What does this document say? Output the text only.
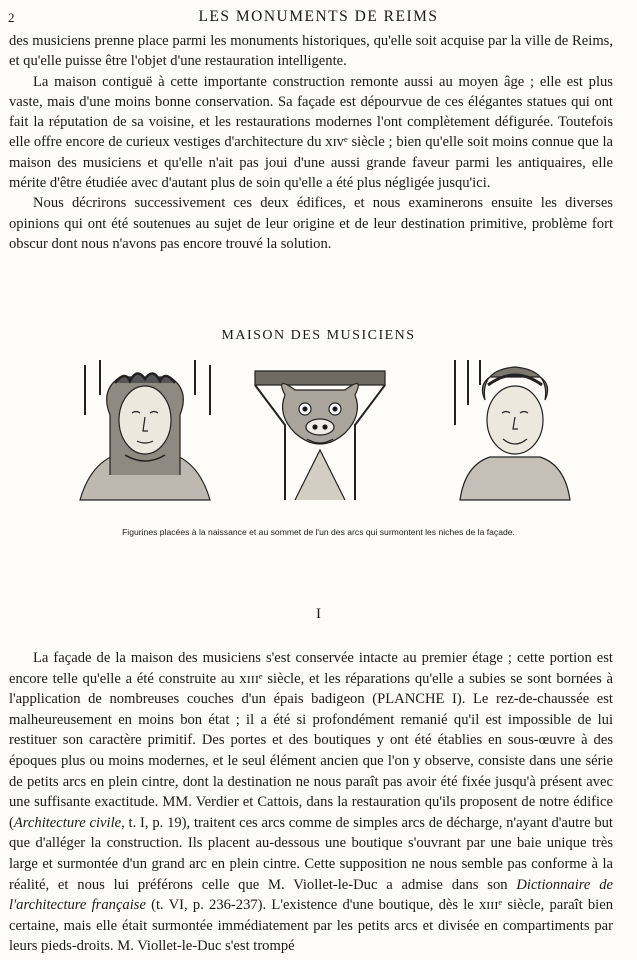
2	LES MONUMENTS DE REIMS

des musiciens prenne place parmi les monuments historiques, qu'elle soit acquise par la ville de Reims, et qu'elle puisse être l'objet d'une restauration intelligente.

La maison contiguë à cette importante construction remonte aussi au moyen âge ; elle est plus vaste, mais d'une moins bonne conservation. Sa façade est dépourvue de ces élégantes statues qui ont fait la réputation de sa voisine, et les restaurations modernes l'ont complètement défigurée. Toutefois elle offre encore de curieux vestiges d'architecture du xɪvᵉ siècle ; bien qu'elle soit moins connue que la maison des musiciens et qu'elle n'ait pas joui d'une aussi grande faveur parmi les antiquaires, elle mérite d'être étudiée avec d'autant plus de soin qu'elle a été plus négligée jusqu'ici.

Nous décrirons successivement ces deux édifices, et nous examinerons ensuite les diverses opinions qui ont été soutenues au sujet de leur origine et de leur destination primitive, problème fort obscur dont nous n'avons pas encore trouvé la solution.

MAISON DES MUSICIENS
Figurines placées à la naissance et au sommet de l'un des arcs qui surmontent les niches de la façade.
I

La façade de la maison des musiciens s'est conservée intacte au premier étage ; cette portion est encore telle qu'elle a été construite au xɪɪɪᵉ siècle, et les réparations qu'elle a subies se sont bornées à l'application de nombreuses couches d'un épais badigeon (PLANCHE I). Le rez-de-chaussée est malheureusement en moins bon état ; il a été si profondément remanié qu'il est impossible de lui restituer son caractère primitif. Des portes et des boutiques y ont été établies en sous-œuvre à des époques plus ou moins modernes, et le seul élément ancien que l'on y observe, consiste dans une série de petits arcs en plein cintre, dont la destination ne nous paraît pas avoir été fixée jusqu'à présent avec une suffisante exactitude. MM. Verdier et Cattois, dans la restauration qu'ils proposent de notre édifice (Architecture civile, t. I, p. 19), traitent ces arcs comme de simples arcs de décharge, n'ayant d'autre but que d'alléger la construction. Ils placent au-dessous une boutique s'ouvrant par une baie unique très large et surmontée d'un grand arc en plein cintre. Cette supposition ne nous semble pas conforme à la réalité, et nous lui préférons celle que M. Viollet-le-Duc a admise dans son Dictionnaire de l'architecture française (t. VI, p. 236-237). L'existence d'une boutique, dès le xɪɪɪᵉ siècle, paraît bien certaine, mais elle était surmontée immédiatement par les petits arcs et divisée en compartiments par leurs pieds-droits. M. Viollet-le-Duc s'est trompé
